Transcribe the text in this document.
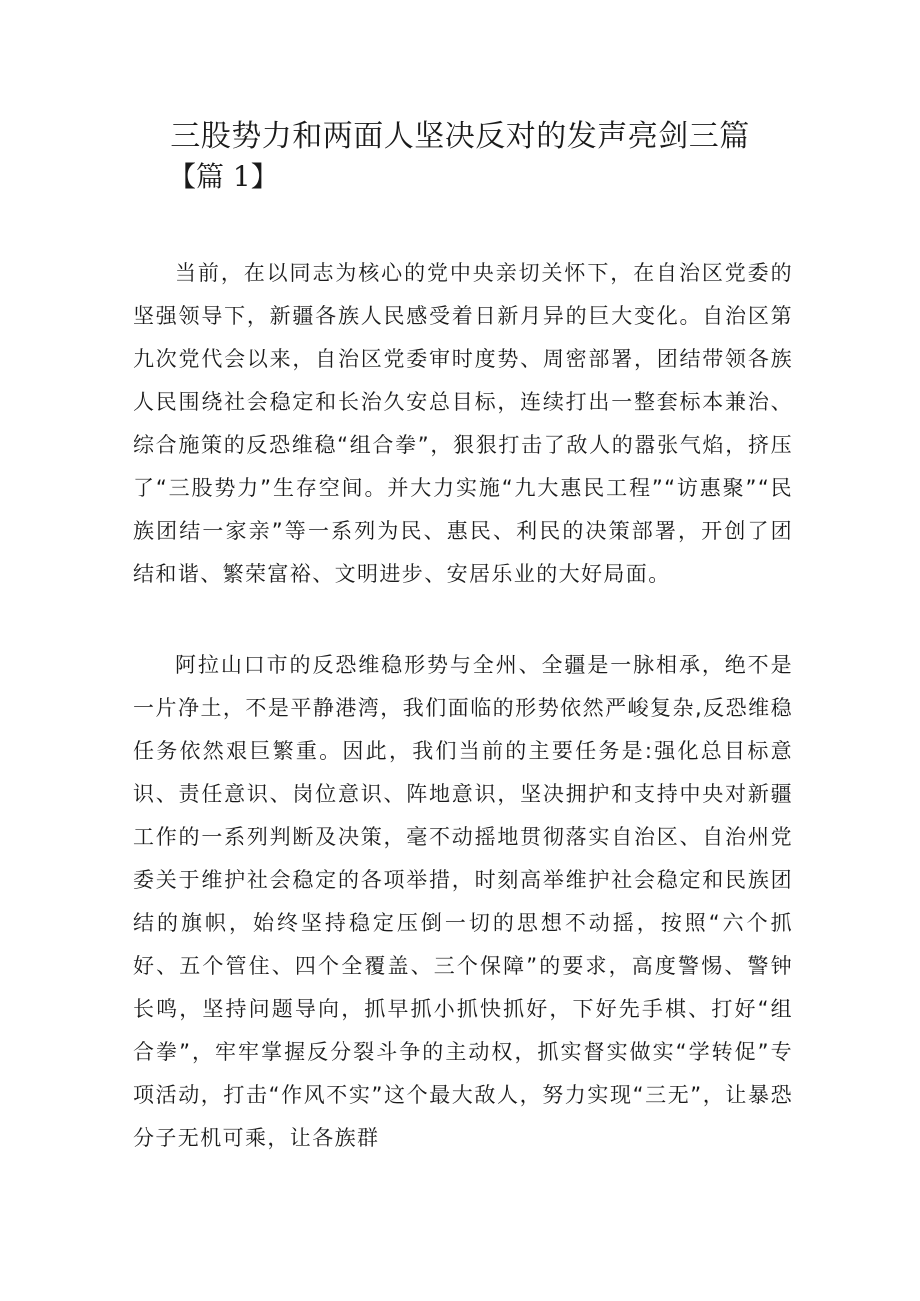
三股势力和两面人坚决反对的发声亮剑三篇
【篇 1】

当前，在以同志为核心的党中央亲切关怀下，在自治区党委的坚强领导下，新疆各族人民感受着日新月异的巨大变化。自治区第九次党代会以来，自治区党委审时度势、周密部署，团结带领各族人民围绕社会稳定和长治久安总目标，连续打出一整套标本兼治、综合施策的反恐维稳“组合拳”，狠狠打击了敌人的嚣张气焰，挤压了“三股势力”生存空间。并大力实施“九大惠民工程”“访惠聚”“民族团结一家亲”等一系列为民、惠民、利民的决策部署，开创了团结和谐、繁荣富裕、文明进步、安居乐业的大好局面。

阿拉山口市的反恐维稳形势与全州、全疆是一脉相承，绝不是一片净土，不是平静港湾，我们面临的形势依然严峻复杂,反恐维稳任务依然艰巨繁重。因此，我们当前的主要任务是:强化总目标意识、责任意识、岗位意识、阵地意识，坚决拥护和支持中央对新疆工作的一系列判断及决策，毫不动摇地贯彻落实自治区、自治州党委关于维护社会稳定的各项举措，时刻高举维护社会稳定和民族团结的旗帜，始终坚持稳定压倒一切的思想不动摇，按照“六个抓好、五个管住、四个全覆盖、三个保障”的要求，高度警惕、警钟长鸣，坚持问题导向，抓早抓小抓快抓好，下好先手棋、打好“组合拳”，牢牢掌握反分裂斗争的主动权，抓实督实做实“学转促”专项活动，打击“作风不实”这个最大敌人，努力实现“三无”，让暴恐分子无机可乘，让各族群
